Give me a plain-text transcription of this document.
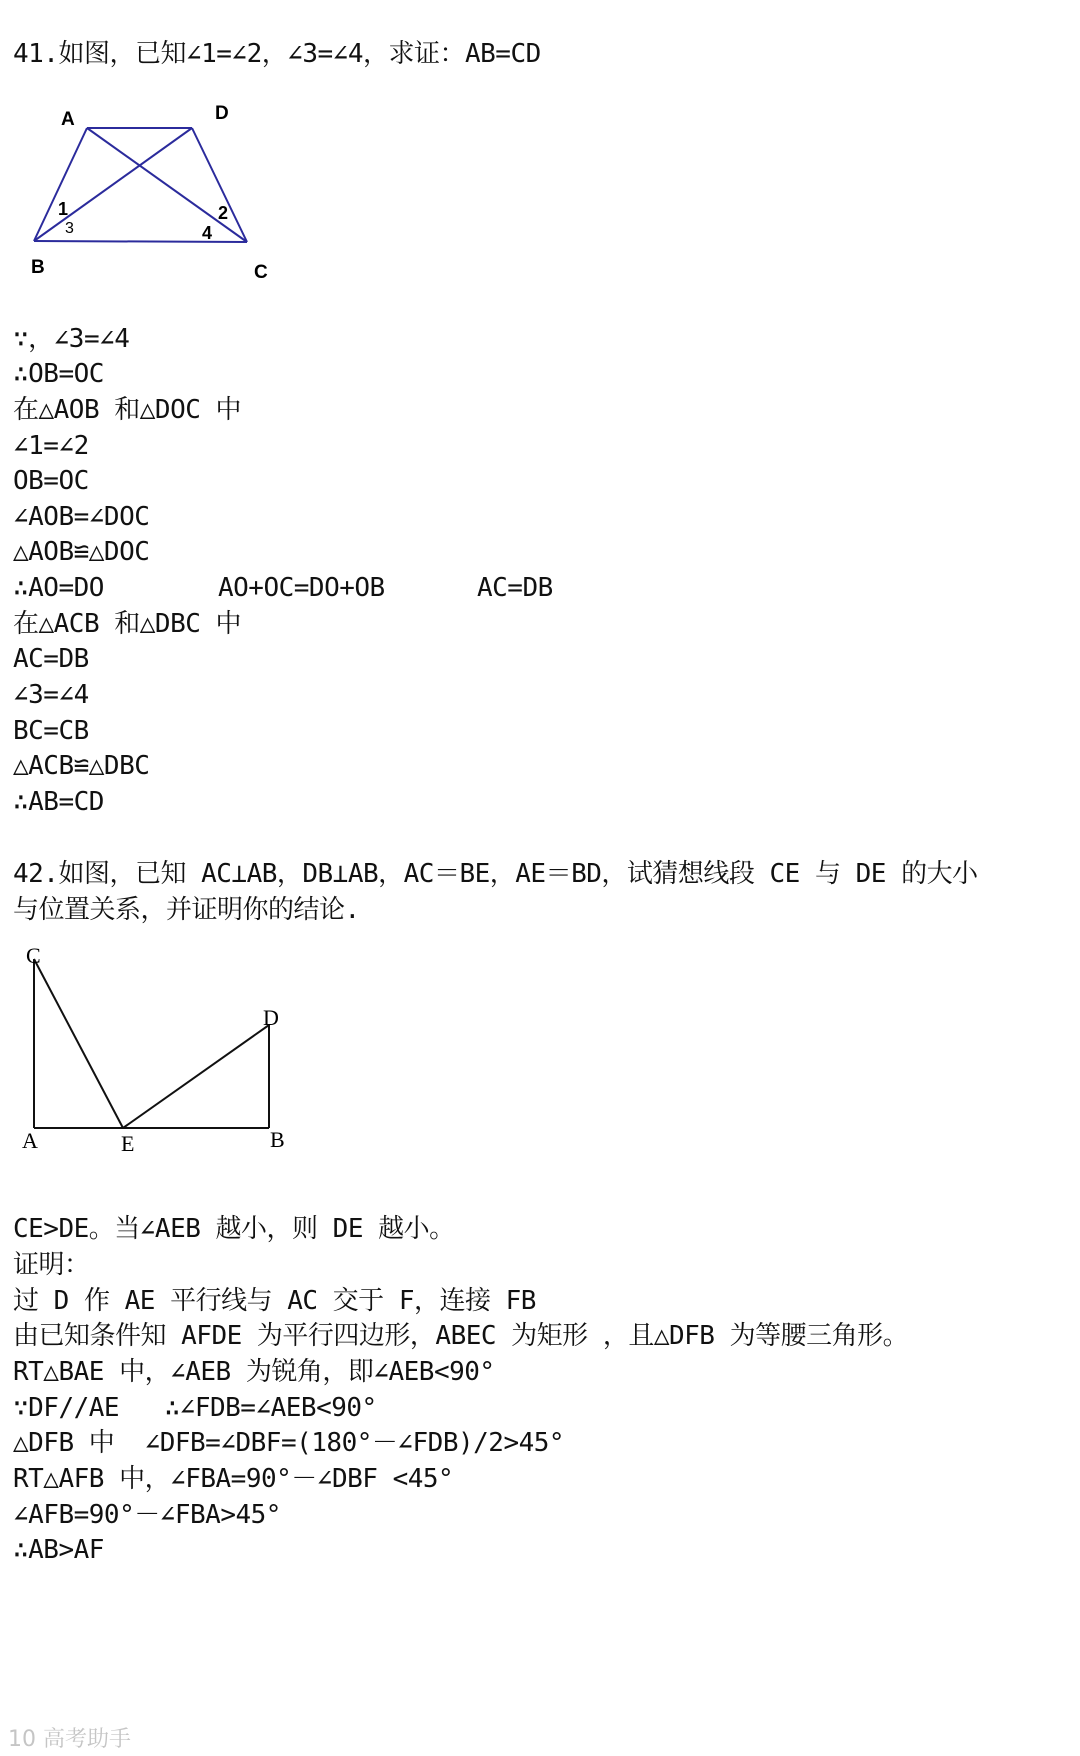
41.如图，已知∠1=∠2，∠3=∠4，求证：AB=CD
A	D
B	C
1
3
2
4
∵，∠3=∠4
∴OB=OC
在△AOB 和△DOC 中
∠1=∠2
OB=OC
∠AOB=∠DOC
△AOB≌△DOC
∴AO=DO	AO+OC=DO+OB	AC=DB
在△ACB 和△DBC 中
AC=DB
∠3=∠4
BC=CB
△ACB≌△DBC
∴AB=CD
42.如图，已知 AC⊥AB，DB⊥AB，AC＝BE，AE＝BD，试猜想线段 CE 与 DE 的大小
与位置关系，并证明你的结论.
C
D
A	E	B
CE>DE。当∠AEB 越小，则 DE 越小。
证明：
过 D 作 AE 平行线与 AC 交于 F，连接 FB
由已知条件知 AFDE 为平行四边形，ABEC 为矩形 ，且△DFB 为等腰三角形。
RT△BAE 中，∠AEB 为锐角，即∠AEB<90°
∵DF//AE   ∴∠FDB=∠AEB<90°
△DFB 中  ∠DFB=∠DBF=(180°－∠FDB)/2>45°
RT△AFB 中，∠FBA=90°－∠DBF <45°
∠AFB=90°－∠FBA>45°
∴AB>AF
10 高考助手
